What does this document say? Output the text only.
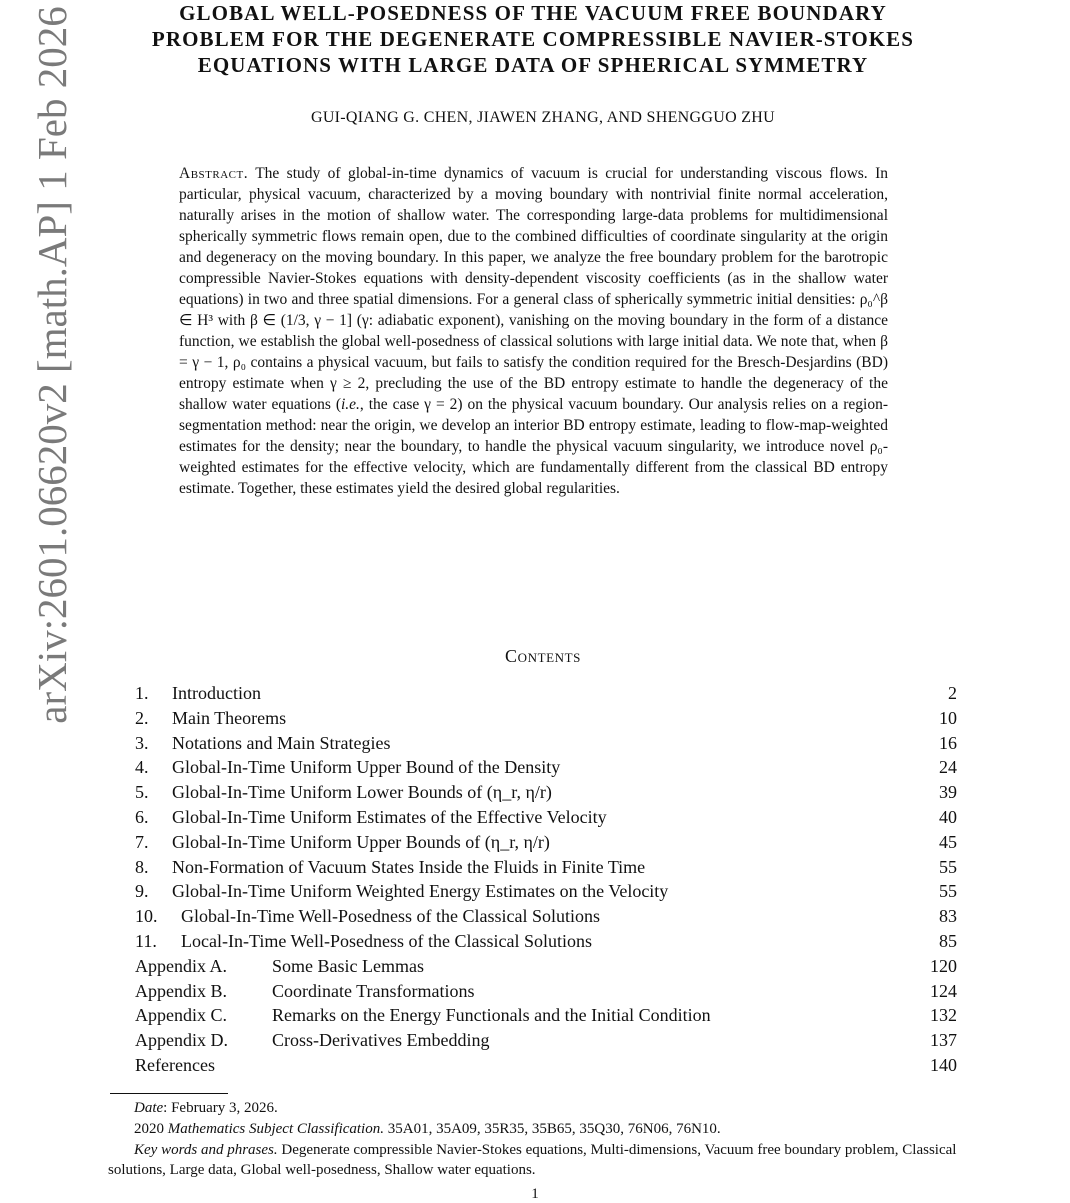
arXiv:2601.06620v2 [math.AP] 1 Feb 2026	GLOBAL WELL-POSEDNESS OF THE VACUUM FREE BOUNDARY
PROBLEM FOR THE DEGENERATE COMPRESSIBLE NAVIER-STOKES
EQUATIONS WITH LARGE DATA OF SPHERICAL SYMMETRY
GUI-QIANG G. CHEN, JIAWEN ZHANG, AND SHENGGUO ZHU
Abstract. The study of global-in-time dynamics of vacuum is crucial for understanding viscous flows. In particular, physical vacuum, characterized by a moving boundary with nontrivial finite normal acceleration, naturally arises in the motion of shallow water. The corresponding large-data problems for multidimensional spherically symmetric flows remain open, due to the combined difficulties of coordinate singularity at the origin and degeneracy on the moving boundary. In this paper, we analyze the free boundary problem for the barotropic compressible Navier-Stokes equations with density-dependent viscosity coefficients (as in the shallow water equations) in two and three spatial dimensions. For a general class of spherically symmetric initial densities: ρ₀^β ∈ H³ with β ∈ (1/3, γ − 1] (γ: adiabatic exponent), vanishing on the moving boundary in the form of a distance function, we establish the global well-posedness of classical solutions with large initial data. We note that, when β = γ − 1, ρ₀ contains a physical vacuum, but fails to satisfy the condition required for the Bresch-Desjardins (BD) entropy estimate when γ ≥ 2, precluding the use of the BD entropy estimate to handle the degeneracy of the shallow water equations (i.e., the case γ = 2) on the physical vacuum boundary. Our analysis relies on a region-segmentation method: near the origin, we develop an interior BD entropy estimate, leading to flow-map-weighted estimates for the density; near the boundary, to handle the physical vacuum singularity, we introduce novel ρ₀-weighted estimates for the effective velocity, which are fundamentally different from the classical BD entropy estimate. Together, these estimates yield the desired global regularities.
Contents
1. Introduction	2
2. Main Theorems	10
3. Notations and Main Strategies	16
4. Global-In-Time Uniform Upper Bound of the Density	24
5. Global-In-Time Uniform Lower Bounds of (η_r, η/r)	39
6. Global-In-Time Uniform Estimates of the Effective Velocity	40
7. Global-In-Time Uniform Upper Bounds of (η_r, η/r)	45
8. Non-Formation of Vacuum States Inside the Fluids in Finite Time	55
9. Global-In-Time Uniform Weighted Energy Estimates on the Velocity	55
10. Global-In-Time Well-Posedness of the Classical Solutions	83
11. Local-In-Time Well-Posedness of the Classical Solutions	85
Appendix A.	Some Basic Lemmas	120
Appendix B.	Coordinate Transformations	124
Appendix C.	Remarks on the Energy Functionals and the Initial Condition	132
Appendix D. Cross-Derivatives Embedding	137
References	140
Date: February 3, 2026.
2020 Mathematics Subject Classification. 35A01, 35A09, 35R35, 35B65, 35Q30, 76N06, 76N10.
Key words and phrases. Degenerate compressible Navier-Stokes equations, Multi-dimensions, Vacuum free boundary problem, Classical solutions, Large data, Global well-posedness, Shallow water equations.
1
